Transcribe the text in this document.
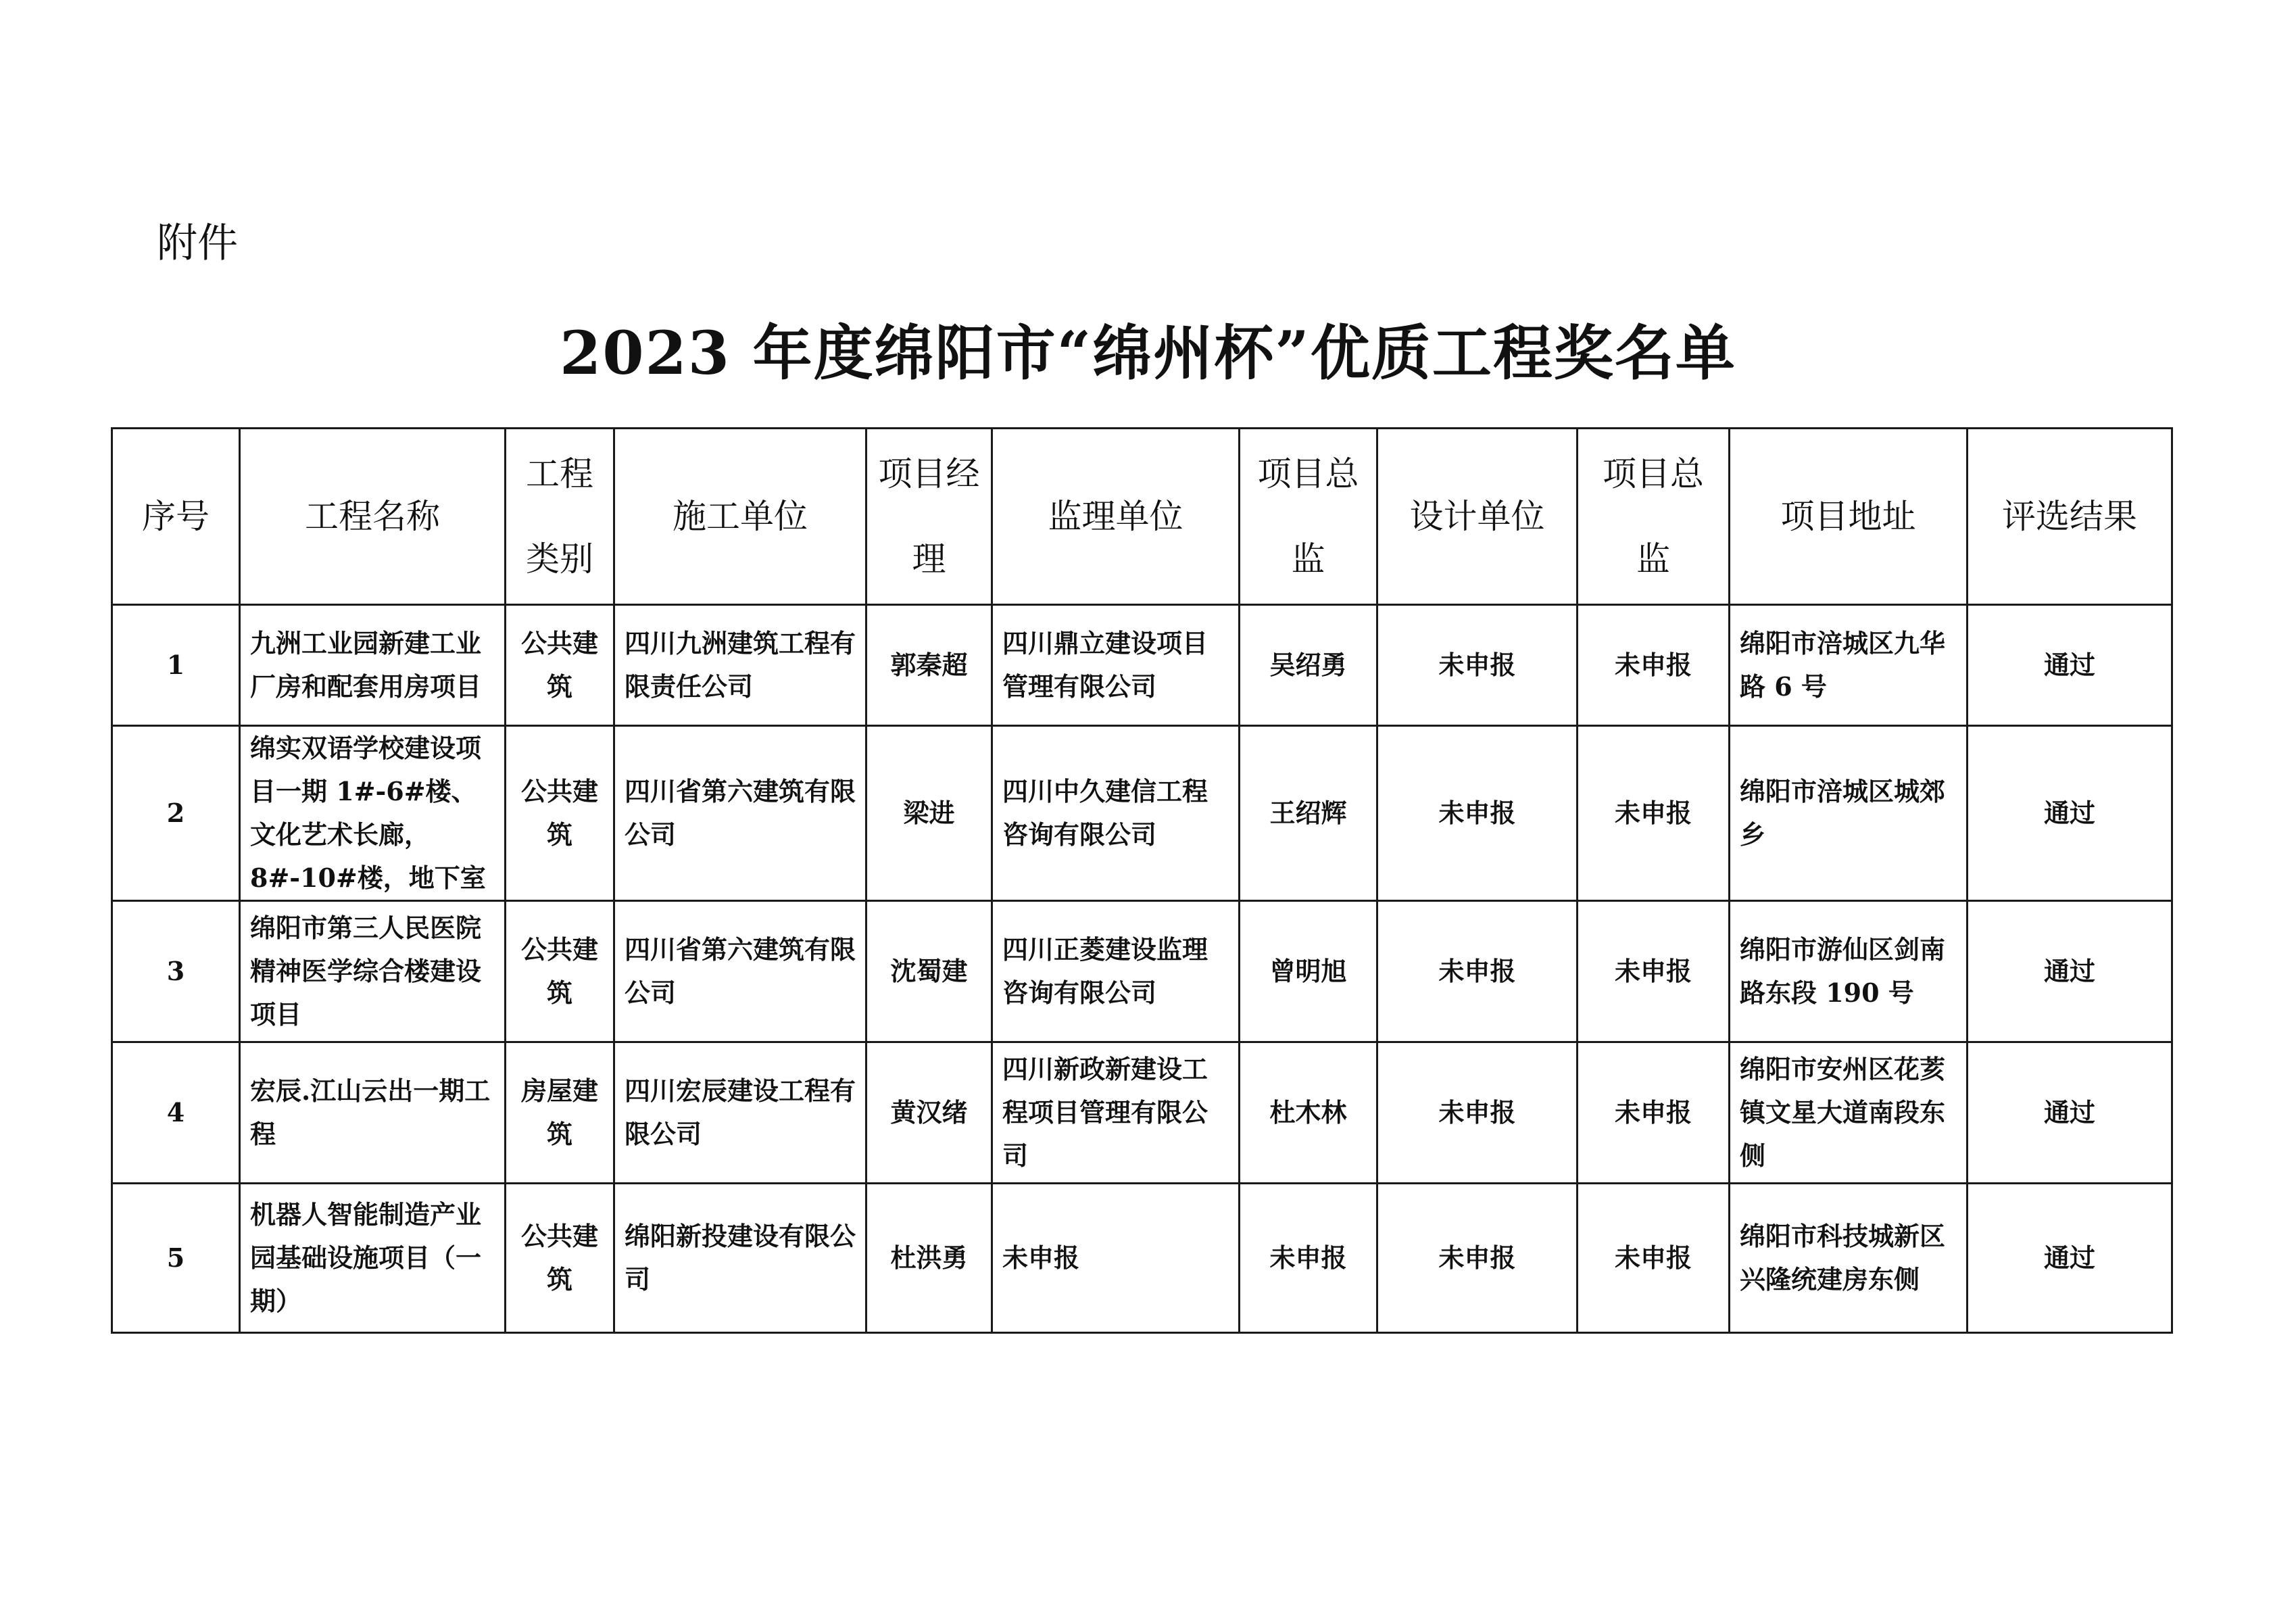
附件
2023 年度绵阳市“绵州杯”优质工程奖名单
序号	工程名称	工程类别	施工单位	项目经理	监理单位	项目总监	设计单位	项目总监	项目地址	评选结果
1	九洲工业园新建工业厂房和配套用房项目	公共建筑	四川九洲建筑工程有限责任公司	郭秦超	四川鼎立建设项目管理有限公司	吴绍勇	未申报	未申报	绵阳市涪城区九华路 6 号	通过
2	绵实双语学校建设项目一期 1#-6#楼、文化艺术长廊，8#-10#楼，地下室	公共建筑	四川省第六建筑有限公司	梁进	四川中久建信工程咨询有限公司	王绍辉	未申报	未申报	绵阳市涪城区城郊乡	通过
3	绵阳市第三人民医院精神医学综合楼建设项目	公共建筑	四川省第六建筑有限公司	沈蜀建	四川正菱建设监理咨询有限公司	曾明旭	未申报	未申报	绵阳市游仙区剑南路东段 190 号	通过
4	宏辰.江山云出一期工程	房屋建筑	四川宏辰建设工程有限公司	黄汉绪	四川新政新建设工程项目管理有限公司	杜木林	未申报	未申报	绵阳市安州区花荄镇文星大道南段东侧	通过
5	机器人智能制造产业园基础设施项目（一期）	公共建筑	绵阳新投建设有限公司	杜洪勇	未申报	未申报	未申报	未申报	绵阳市科技城新区兴隆统建房东侧	通过
